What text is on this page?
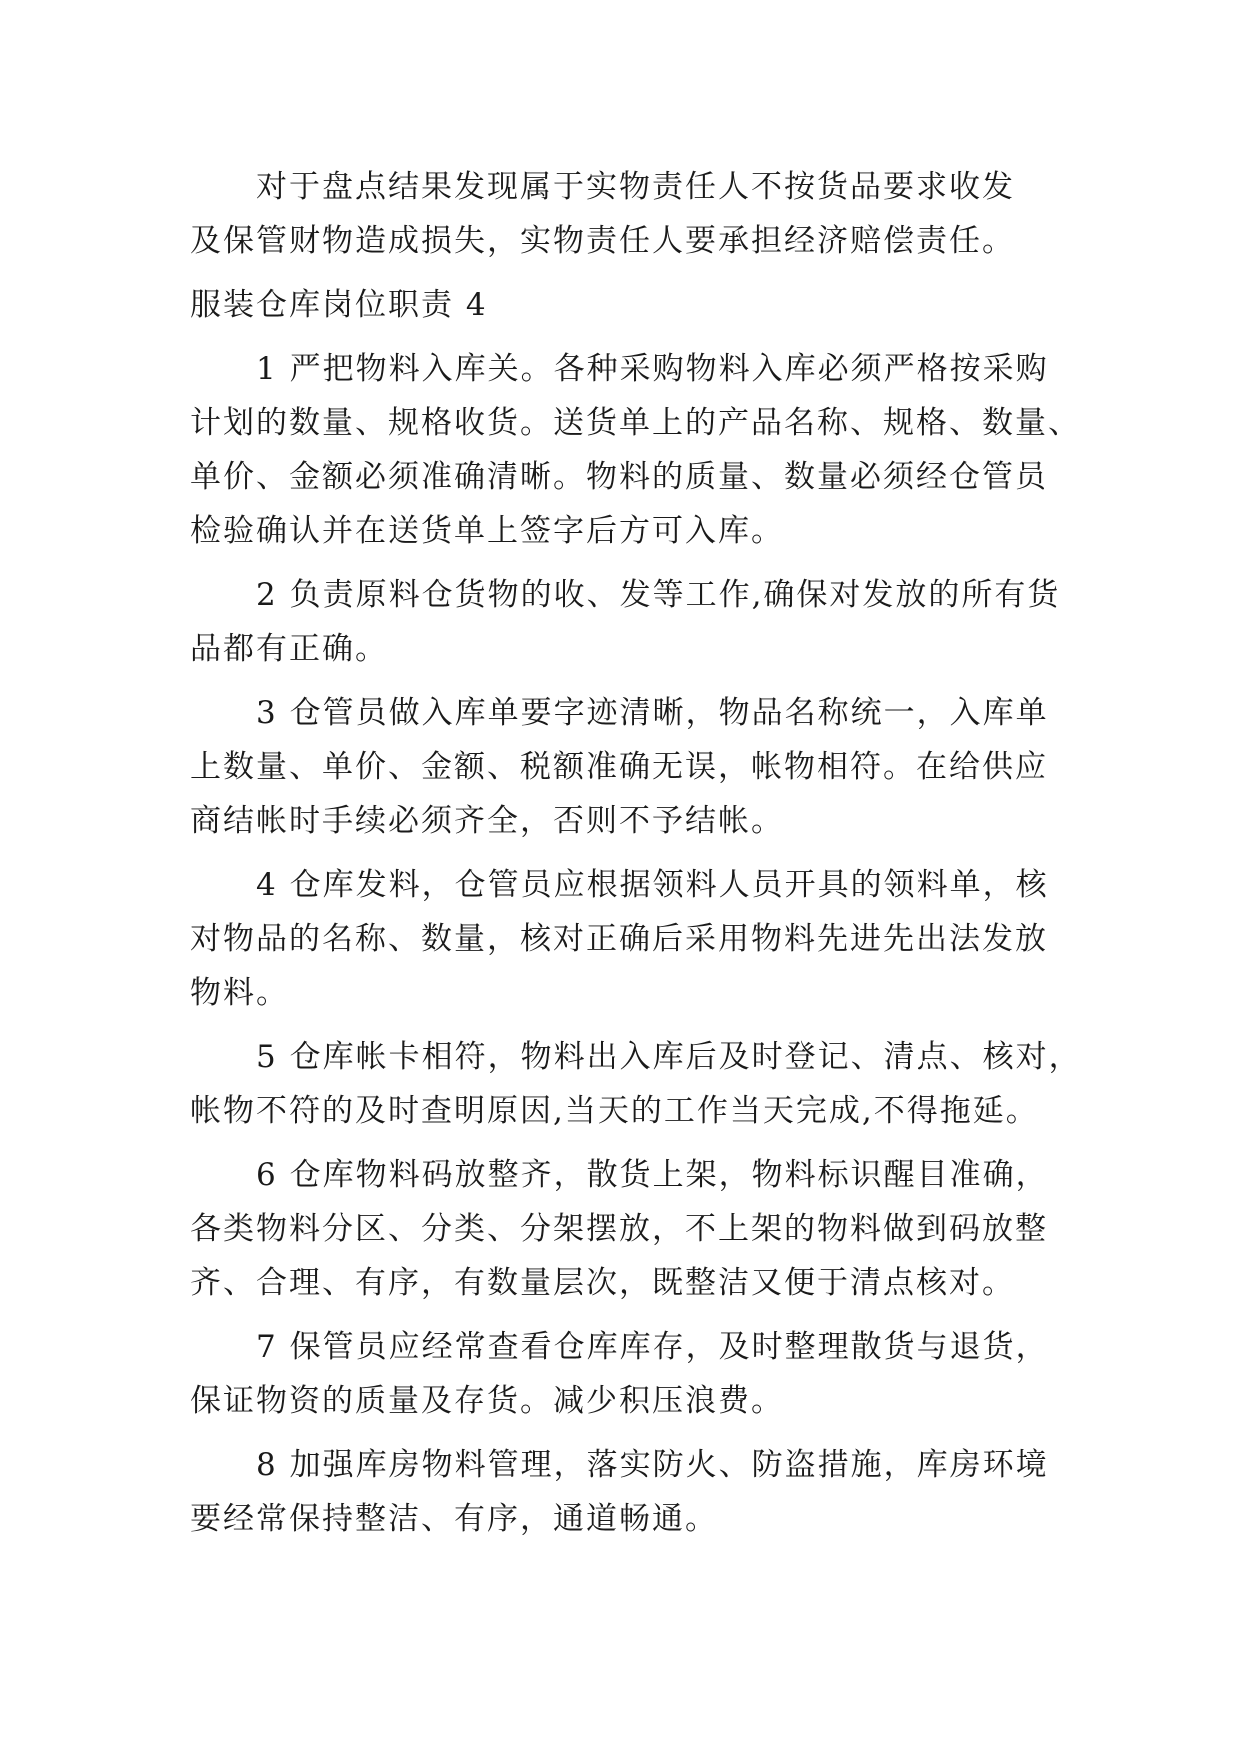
对于盘点结果发现属于实物责任人不按货品要求收发
及保管财物造成损失，实物责任人要承担经济赔偿责任。
服装仓库岗位职责 4
1 严把物料入库关。各种采购物料入库必须严格按采购
计划的数量、规格收货。送货单上的产品名称、规格、数量、
单价、金额必须准确清晰。物料的质量、数量必须经仓管员
检验确认并在送货单上签字后方可入库。
2 负责原料仓货物的收、发等工作,确保对发放的所有货
品都有正确。
3 仓管员做入库单要字迹清晰，物品名称统一，入库单
上数量、单价、金额、税额准确无误，帐物相符。在给供应
商结帐时手续必须齐全，否则不予结帐。
4 仓库发料，仓管员应根据领料人员开具的领料单，核
对物品的名称、数量，核对正确后采用物料先进先出法发放
物料。
5 仓库帐卡相符，物料出入库后及时登记、清点、核对，
帐物不符的及时查明原因,当天的工作当天完成,不得拖延。
6 仓库物料码放整齐，散货上架，物料标识醒目准确，
各类物料分区、分类、分架摆放，不上架的物料做到码放整
齐、合理、有序，有数量层次，既整洁又便于清点核对。
7 保管员应经常查看仓库库存，及时整理散货与退货，
保证物资的质量及存货。减少积压浪费。
8 加强库房物料管理，落实防火、防盗措施，库房环境
要经常保持整洁、有序，通道畅通。
